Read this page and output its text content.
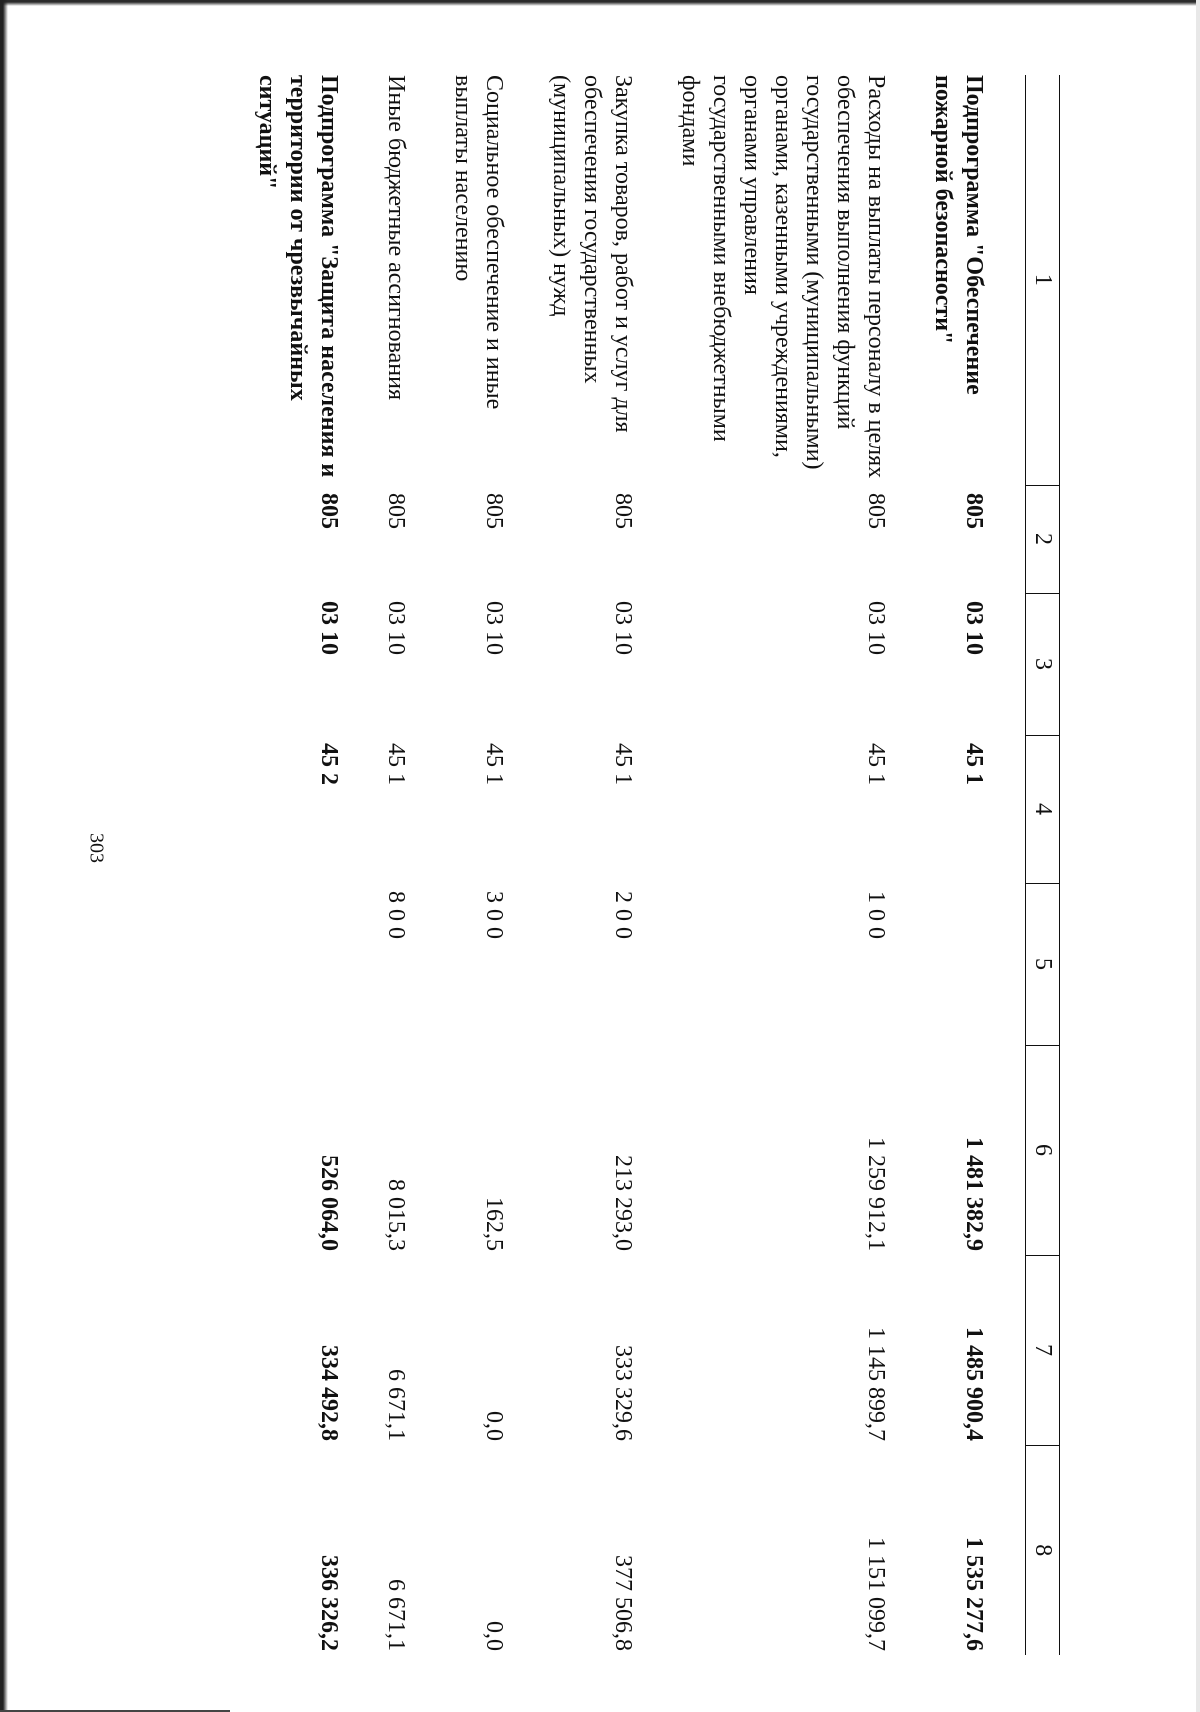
303
1	2	3	4	5	6	7	8

Подпрограмма "Обеспечение пожарной безопасности"	805	03 10	45 1		1 481 382,9	1 485 900,4	1 535 277,6
Расходы на выплаты персоналу в целях обеспечения выполнения функций государственными (муниципальными) органами, казенными учреждениями, органами управления государственными внебюджетными фондами	805	03 10	45 1	1 0 0	1 259 912,1	1 145 899,7	1 151 099,7
Закупка товаров, работ и услуг для обеспечения государственных (муниципальных) нужд	805	03 10	45 1	2 0 0	213 293,0	333 329,6	377 506,8
Социальное обеспечение и иные выплаты населению	805	03 10	45 1	3 0 0	162,5	0,0	0,0
Иные бюджетные ассигнования	805	03 10	45 1	8 0 0	8 015,3	6 671,1	6 671,1
Подпрограмма "Защита населения и территории от чрезвычайных ситуаций"	805	03 10	45 2		526 064,0	334 492,8	336 326,2
